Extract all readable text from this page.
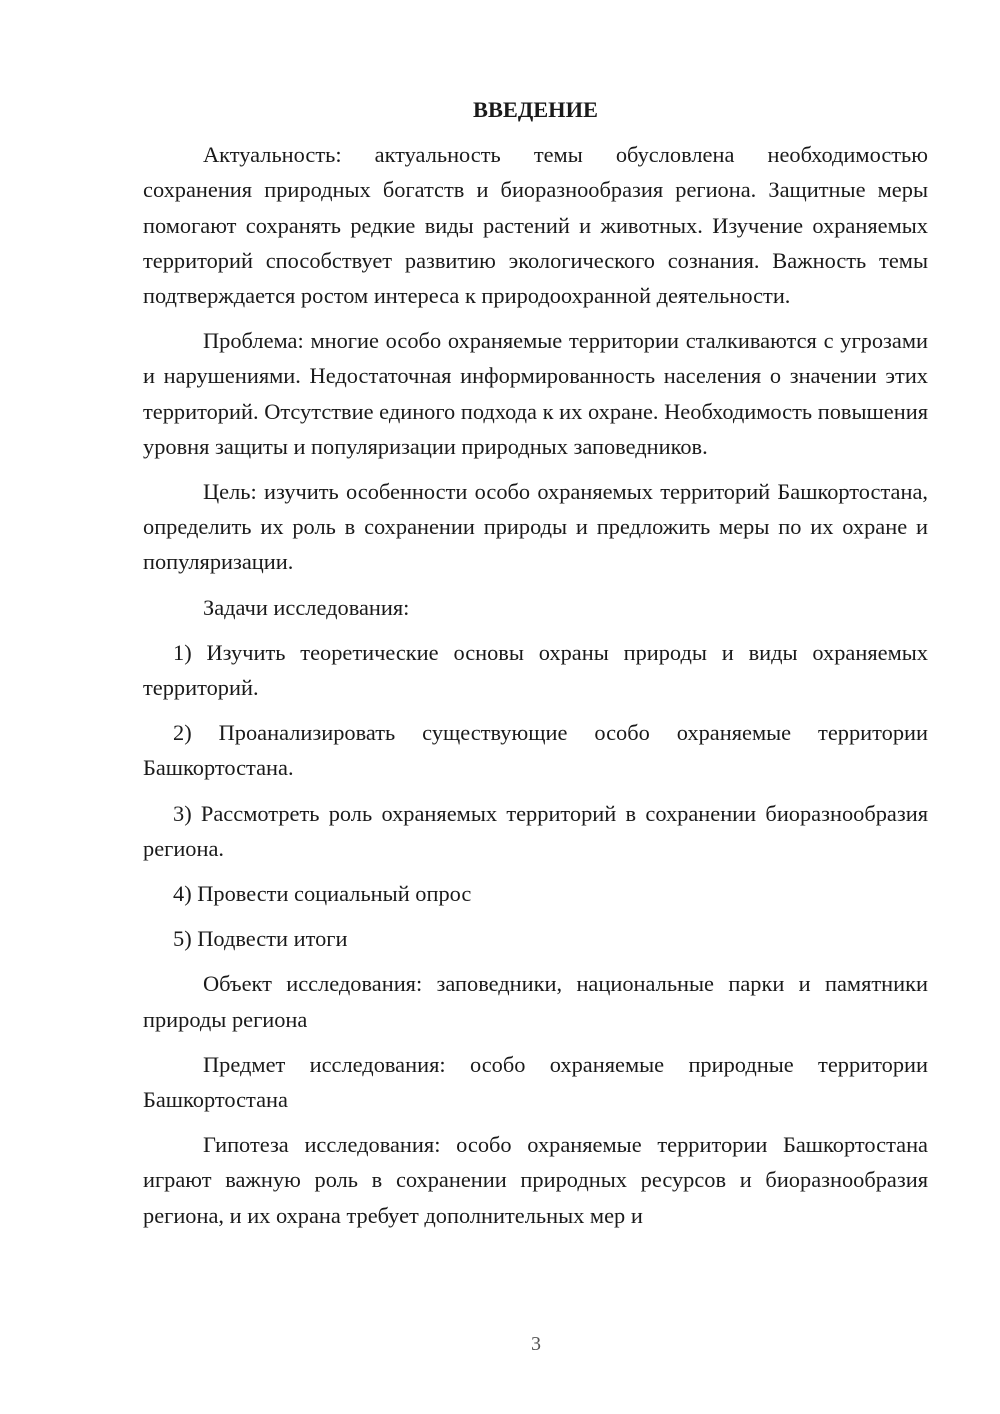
ВВЕДЕНИЕ

Актуальность: актуальность темы обусловлена необходимостью сохранения природных богатств и биоразнообразия региона. Защитные меры помогают сохранять редкие виды растений и животных. Изучение охраняемых территорий способствует развитию экологического сознания. Важность темы подтверждается ростом интереса к природоохранной деятельности.

Проблема: многие особо охраняемые территории сталкиваются с угрозами и нарушениями. Недостаточная информированность населения о значении этих территорий. Отсутствие единого подхода к их охране. Необходимость повышения уровня защиты и популяризации природных заповедников.

Цель: изучить особенности особо охраняемых территорий Башкортостана, определить их роль в сохранении природы и предложить меры по их охране и популяризации.

Задачи исследования:

1) Изучить теоретические основы охраны природы и виды охраняемых территорий.

2) Проанализировать существующие особо охраняемые территории Башкортостана.

3) Рассмотреть роль охраняемых территорий в сохранении биоразнообразия региона.

4) Провести социальный опрос

5) Подвести итоги

Объект исследования: заповедники, национальные парки и памятники природы региона

Предмет исследования: особо охраняемые природные территории Башкортостана

Гипотеза исследования: особо охраняемые территории Башкортостана играют важную роль в сохранении природных ресурсов и биоразнообразия региона, и их охрана требует дополнительных мер и

3
